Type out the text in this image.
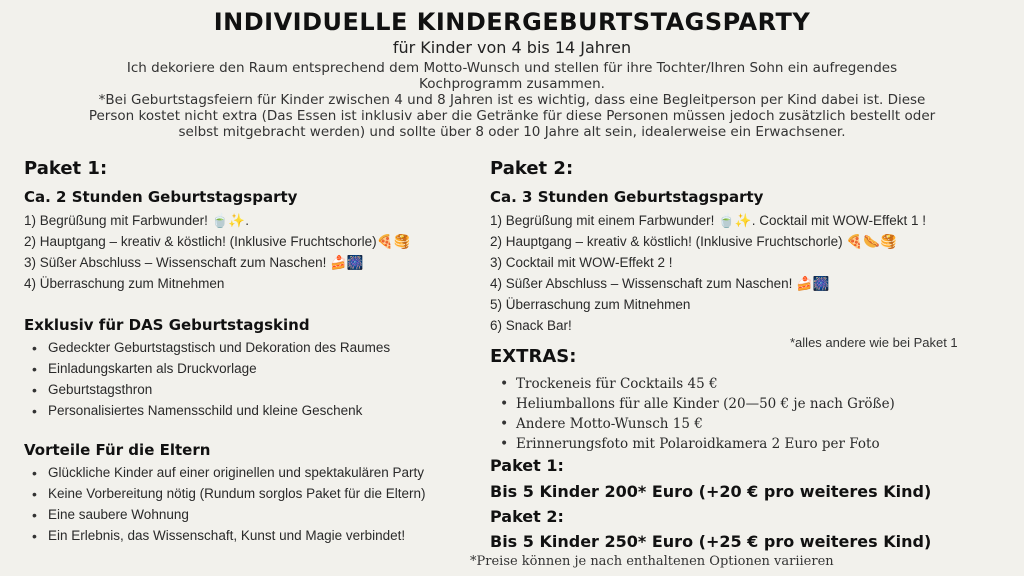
INDIVIDUELLE KINDERGEBURTSTAGSPARTY
für Kinder von 4 bis 14 Jahren
Ich dekoriere den Raum entsprechend dem Motto-Wunsch und stellen für ihre Tochter/Ihren Sohn ein aufregendes
Kochprogramm zusammen.
*Bei Geburtstagsfeiern für Kinder zwischen 4 und 8 Jahren ist es wichtig, dass eine Begleitperson per Kind dabei ist. Diese
Person kostet nicht extra (Das Essen ist inklusiv aber die Getränke für diese Personen müssen jedoch zusätzlich bestellt oder
selbst mitgebracht werden) und sollte über 8 oder 10 Jahre alt sein, idealerweise ein Erwachsener.
Paket 1:
Ca. 2 Stunden Geburtstagsparty
1) Begrüßung mit Farbwunder! 🍵✨.
2) Hauptgang – kreativ & köstlich! (Inklusive Fruchtschorle)🍕🥞
3) Süßer Abschluss – Wissenschaft zum Naschen! 🍰🎆
4) Überraschung zum Mitnehmen
Exklusiv für DAS Geburtstagskind
• Gedeckter Geburtstagstisch und Dekoration des Raumes
• Einladungskarten als Druckvorlage
• Geburtstagsthron
• Personalisiertes Namensschild und kleine Geschenk
Vorteile Für die Eltern
• Glückliche Kinder auf einer originellen und spektakulären Party
• Keine Vorbereitung nötig (Rundum sorglos Paket für die Eltern)
• Eine saubere Wohnung
• Ein Erlebnis, das Wissenschaft, Kunst und Magie verbindet!
Paket 2:
Ca. 3 Stunden Geburtstagsparty
1) Begrüßung mit einem Farbwunder! 🍵✨. Cocktail mit WOW-Effekt 1 !
2) Hauptgang – kreativ & köstlich! (Inklusive Fruchtschorle) 🍕🌭🥞
3) Cocktail mit WOW-Effekt 2 !
4) Süßer Abschluss – Wissenschaft zum Naschen! 🍰🎆
5) Überraschung zum Mitnehmen
6) Snack Bar!
*alles andere wie bei Paket 1
EXTRAS:
• Trockeneis für Cocktails 45 €
• Heliumballons für alle Kinder (20—50 € je nach Größe)
• Andere Motto-Wunsch 15 €
• Erinnerungsfoto mit Polaroidkamera 2 Euro per Foto
Paket 1:
Bis 5 Kinder 200* Euro (+20 € pro weiteres Kind)
Paket 2:
Bis 5 Kinder 250* Euro (+25 € pro weiteres Kind)
*Preise können je nach enthaltenen Optionen variieren
